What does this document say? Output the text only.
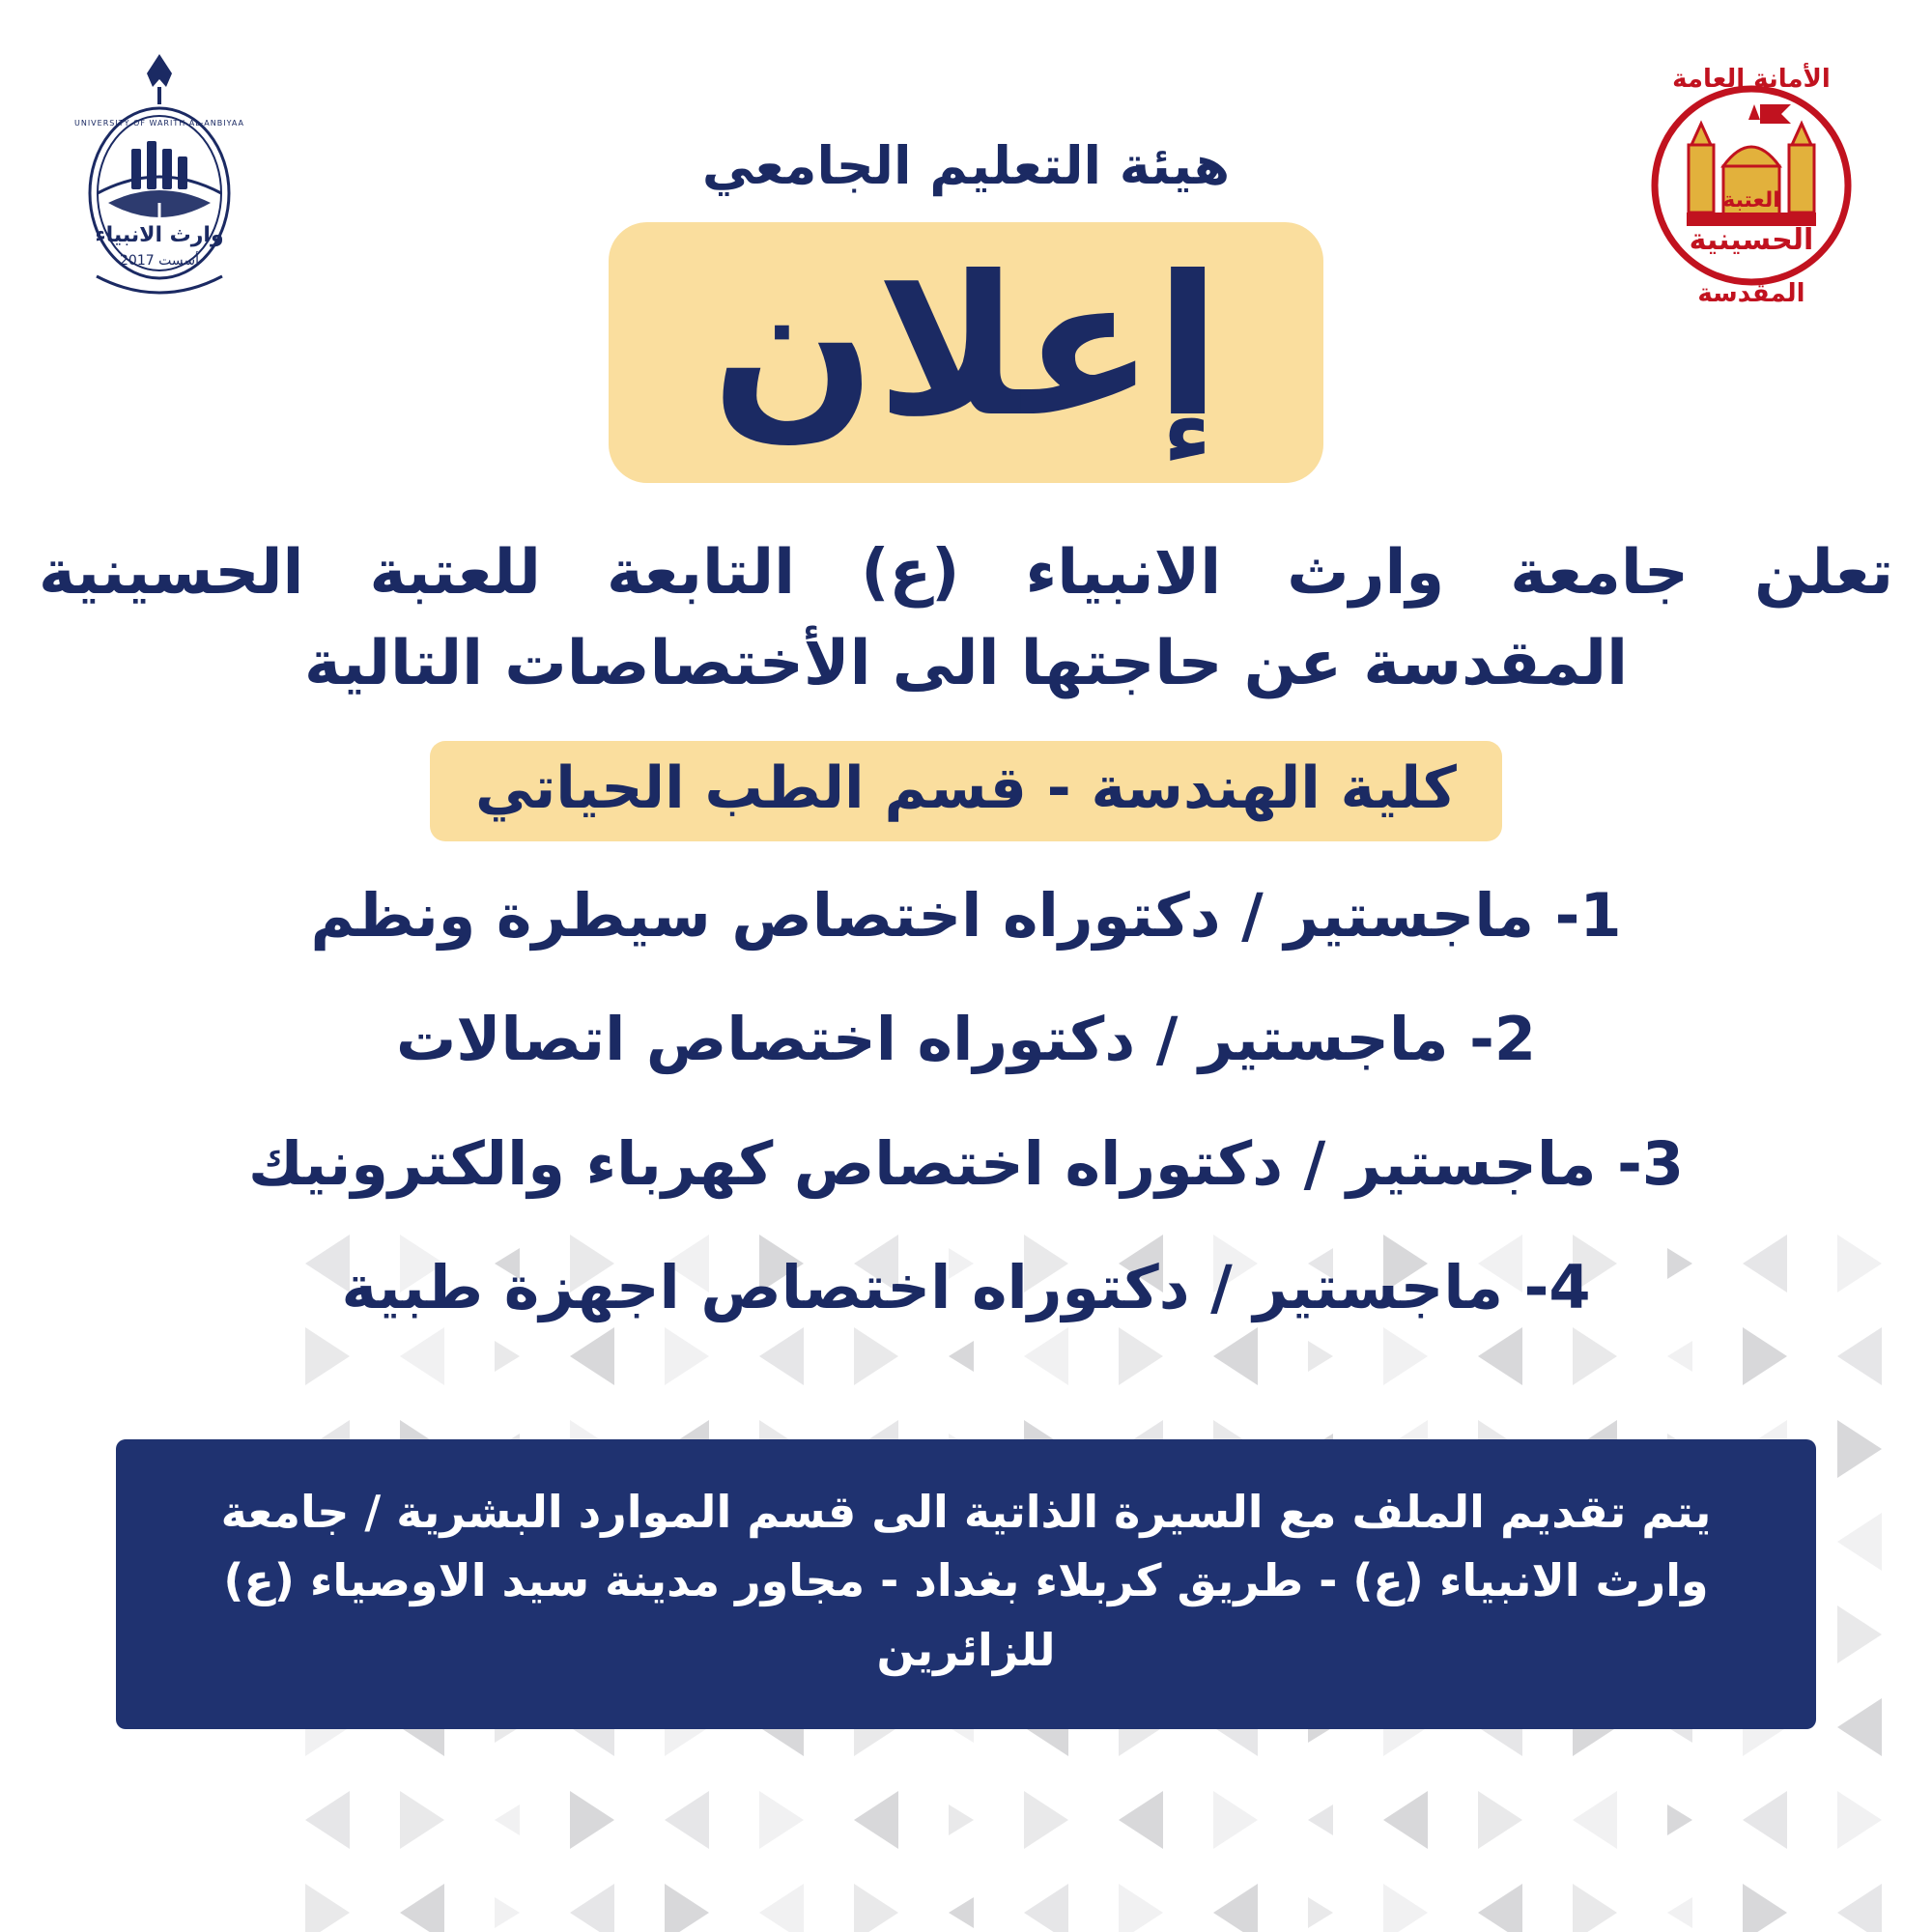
وارث الانبياء
أسست 2017
UNIVERSITY OF WARITH AL-ANBIYAA
الأمانة العامة
المقدسة
العتبة
الحسينية
هيئة التعليم الجامعي
إعلان
تعلن جامعة وارث الانبياء (ع) التابعة للعتبة الحسينية
المقدسة عن حاجتها الى الأختصاصات التالية
كلية الهندسة - قسم الطب الحياتي
1- ماجستير / دكتوراه اختصاص سيطرة ونظم
2- ماجستير / دكتوراه اختصاص اتصالات
3- ماجستير / دكتوراه اختصاص كهرباء والكترونيك
4- ماجستير / دكتوراه اختصاص اجهزة طبية
يتم تقديم الملف مع السيرة الذاتية الى قسم الموارد البشرية / جامعة
وارث الانبياء (ع) - طريق كربلاء بغداد - مجاور مدينة سيد الاوصياء (ع) للزائرين
